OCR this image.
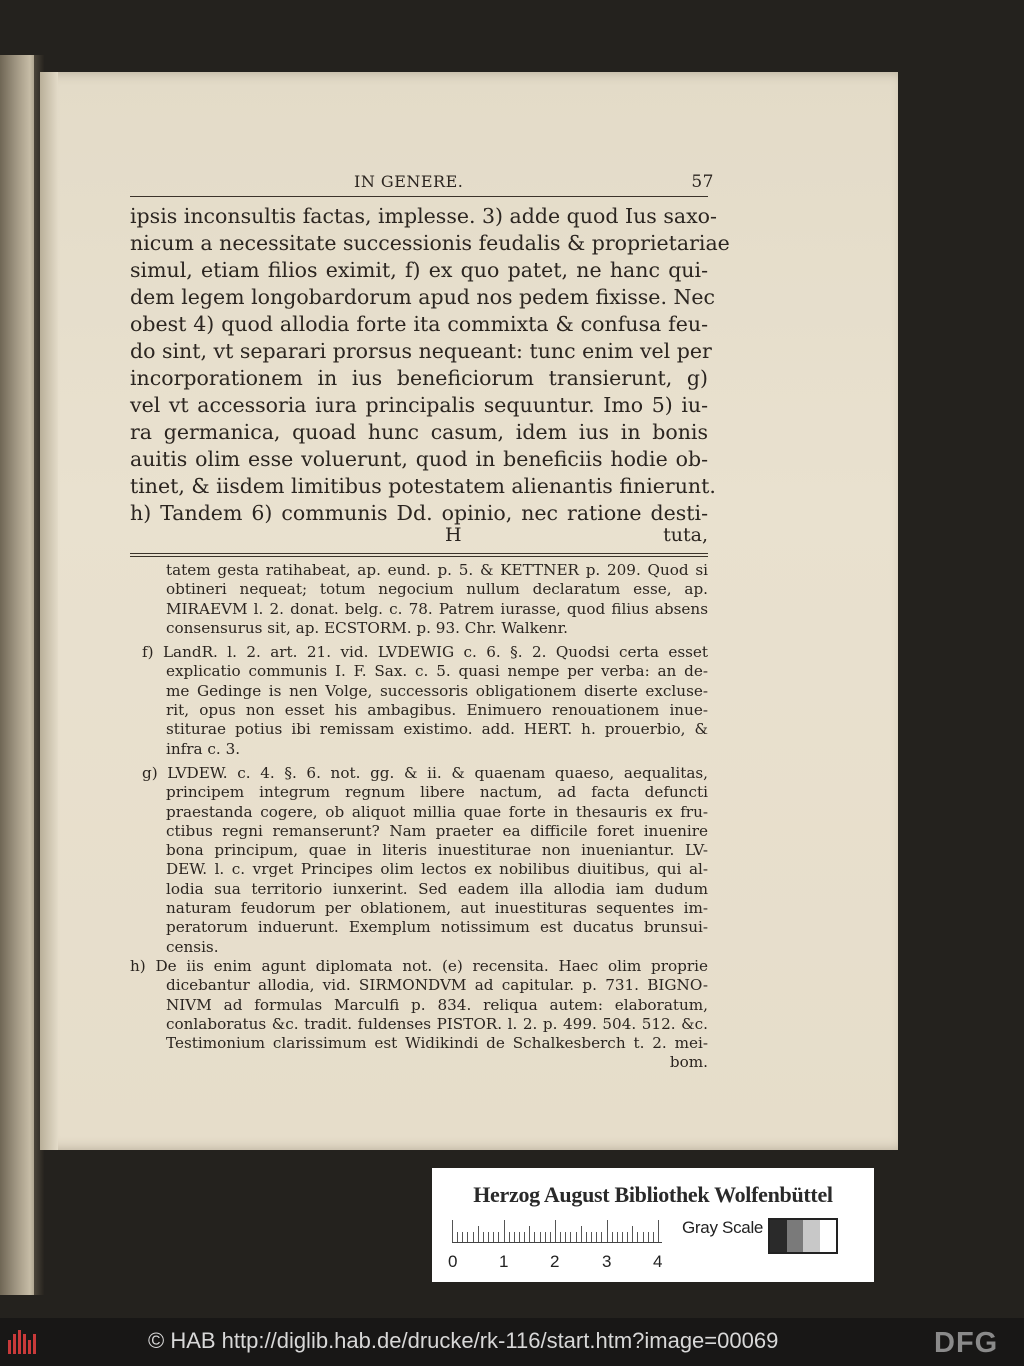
IN GENERE.	57
ipsis inconsultis factas, implesse. 3) adde quod Ius saxo-
nicum a necessitate successionis feudalis & proprietariae
simul, etiam filios eximit, f) ex quo patet, ne hanc qui-
dem legem longobardorum apud nos pedem fixisse. Nec
obest 4) quod allodia forte ita commixta & confusa feu-
do sint, vt separari prorsus nequeant: tunc enim vel per
incorporationem in ius beneficiorum transierunt, g)
vel vt accessoria iura principalis sequuntur. Imo 5) iu-
ra germanica, quoad hunc casum, idem ius in bonis
auitis olim esse voluerunt, quod in beneficiis hodie ob-
tinet, & iisdem limitibus potestatem alienantis finierunt.
h) Tandem 6) communis Dd. opinio, nec ratione desti-
H	tuta,
tatem gesta ratihabeat, ap. eund. p. 5. & KETTNER p. 209. Quod si
obtineri nequeat; totum negocium nullum declaratum esse, ap.
MIRAEVM l. 2. donat. belg. c. 78. Patrem iurasse, quod filius absens
consensurus sit, ap. ECSTORM. p. 93. Chr. Walkenr.
f) LandR. l. 2. art. 21. vid. LVDEWIG c. 6. §. 2. Quodsi certa esset
explicatio communis I. F. Sax. c. 5. quasi nempe per verba: an de-
me Gedinge is nen Volge, successoris obligationem diserte excluse-
rit, opus non esset his ambagibus. Enimuero renouationem inue-
stiturae potius ibi remissam existimo. add. HERT. h. prouerbio, &
infra c. 3.
g) LVDEW. c. 4. §. 6. not. gg. & ii. & quaenam quaeso, aequalitas,
principem integrum regnum libere nactum, ad facta defuncti
praestanda cogere, ob aliquot millia quae forte in thesauris ex fru-
ctibus regni remanserunt? Nam praeter ea difficile foret inuenire
bona principum, quae in literis inuestiturae non inueniantur. LV-
DEW. l. c. vrget Principes olim lectos ex nobilibus diuitibus, qui al-
lodia sua territorio iunxerint. Sed eadem illa allodia iam dudum
naturam feudorum per oblationem, aut inuestituras sequentes im-
peratorum induerunt. Exemplum notissimum est ducatus brunsui-
censis.
h) De iis enim agunt diplomata not. (e) recensita. Haec olim proprie
dicebantur allodia, vid. SIRMONDVM ad capitular. p. 731. BIGNO-
NIVM ad formulas Marculfi p. 834. reliqua autem: elaboratum,
conlaboratus &c. tradit. fuldenses PISTOR. l. 2. p. 499. 504. 512. &c.
Testimonium clarissimum est Widikindi de Schalkesberch t. 2. mei-
bom.
Herzog August Bibliothek Wolfenbüttel
0 1 2	3 4
Gray Scale
© HAB http://diglib.hab.de/drucke/rk-116/start.htm?image=00069	DFG
